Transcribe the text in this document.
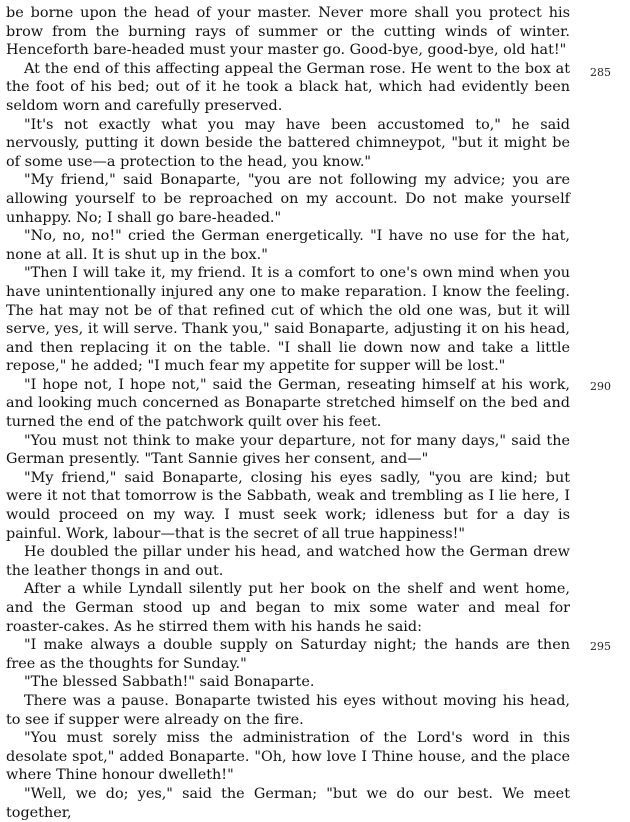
be borne upon the head of your master. Never more shall you protect his brow from the burning rays of summer or the cutting winds of winter. Henceforth bare-headed must your master go. Good-bye, good-bye, old hat!"

At the end of this affecting appeal the German rose. He went to the box at the foot of his bed; out of it he took a black hat, which had evidently been seldom worn and carefully preserved.

"It's not exactly what you may have been accustomed to," he said nervously, putting it down beside the battered chimneypot, "but it might be of some use—a protection to the head, you know."

"My friend," said Bonaparte, "you are not following my advice; you are allowing yourself to be reproached on my account. Do not make yourself unhappy. No; I shall go bare-headed."

"No, no, no!" cried the German energetically. "I have no use for the hat, none at all. It is shut up in the box."

"Then I will take it, my friend. It is a comfort to one's own mind when you have unintentionally injured any one to make reparation. I know the feeling. The hat may not be of that refined cut of which the old one was, but it will serve, yes, it will serve. Thank you," said Bonaparte, adjusting it on his head, and then replacing it on the table. "I shall lie down now and take a little repose," he added; "I much fear my appetite for supper will be lost."

"I hope not, I hope not," said the German, reseating himself at his work, and looking much concerned as Bonaparte stretched himself on the bed and turned the end of the patchwork quilt over his feet.

"You must not think to make your departure, not for many days," said the German presently. "Tant Sannie gives her consent, and—"

"My friend," said Bonaparte, closing his eyes sadly, "you are kind; but were it not that tomorrow is the Sabbath, weak and trembling as I lie here, I would proceed on my way. I must seek work; idleness but for a day is painful. Work, labour—that is the secret of all true happiness!"

He doubled the pillar under his head, and watched how the German drew the leather thongs in and out.

After a while Lyndall silently put her book on the shelf and went home, and the German stood up and began to mix some water and meal for roaster-cakes. As he stirred them with his hands he said:

"I make always a double supply on Saturday night; the hands are then free as the thoughts for Sunday."

"The blessed Sabbath!" said Bonaparte.

There was a pause. Bonaparte twisted his eyes without moving his head, to see if supper were already on the fire.

"You must sorely miss the administration of the Lord's word in this desolate spot," added Bonaparte. "Oh, how love I Thine house, and the place where Thine honour dwelleth!"

"Well, we do; yes," said the German; "but we do our best. We meet together,

285
290
295
